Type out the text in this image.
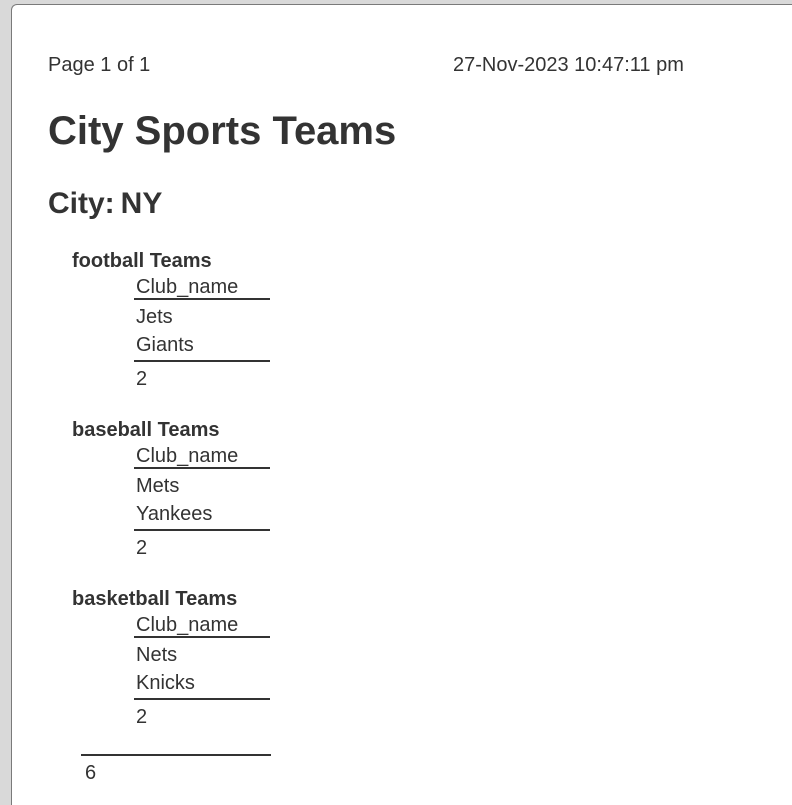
Page 1 of 1	27-Nov-2023 10:47:11 pm
City Sports Teams
City: NY
football Teams
Club_name
Jets
Giants
2
baseball Teams
Club_name
Mets
Yankees
2
basketball Teams
Club_name
Nets
Knicks
2
6
